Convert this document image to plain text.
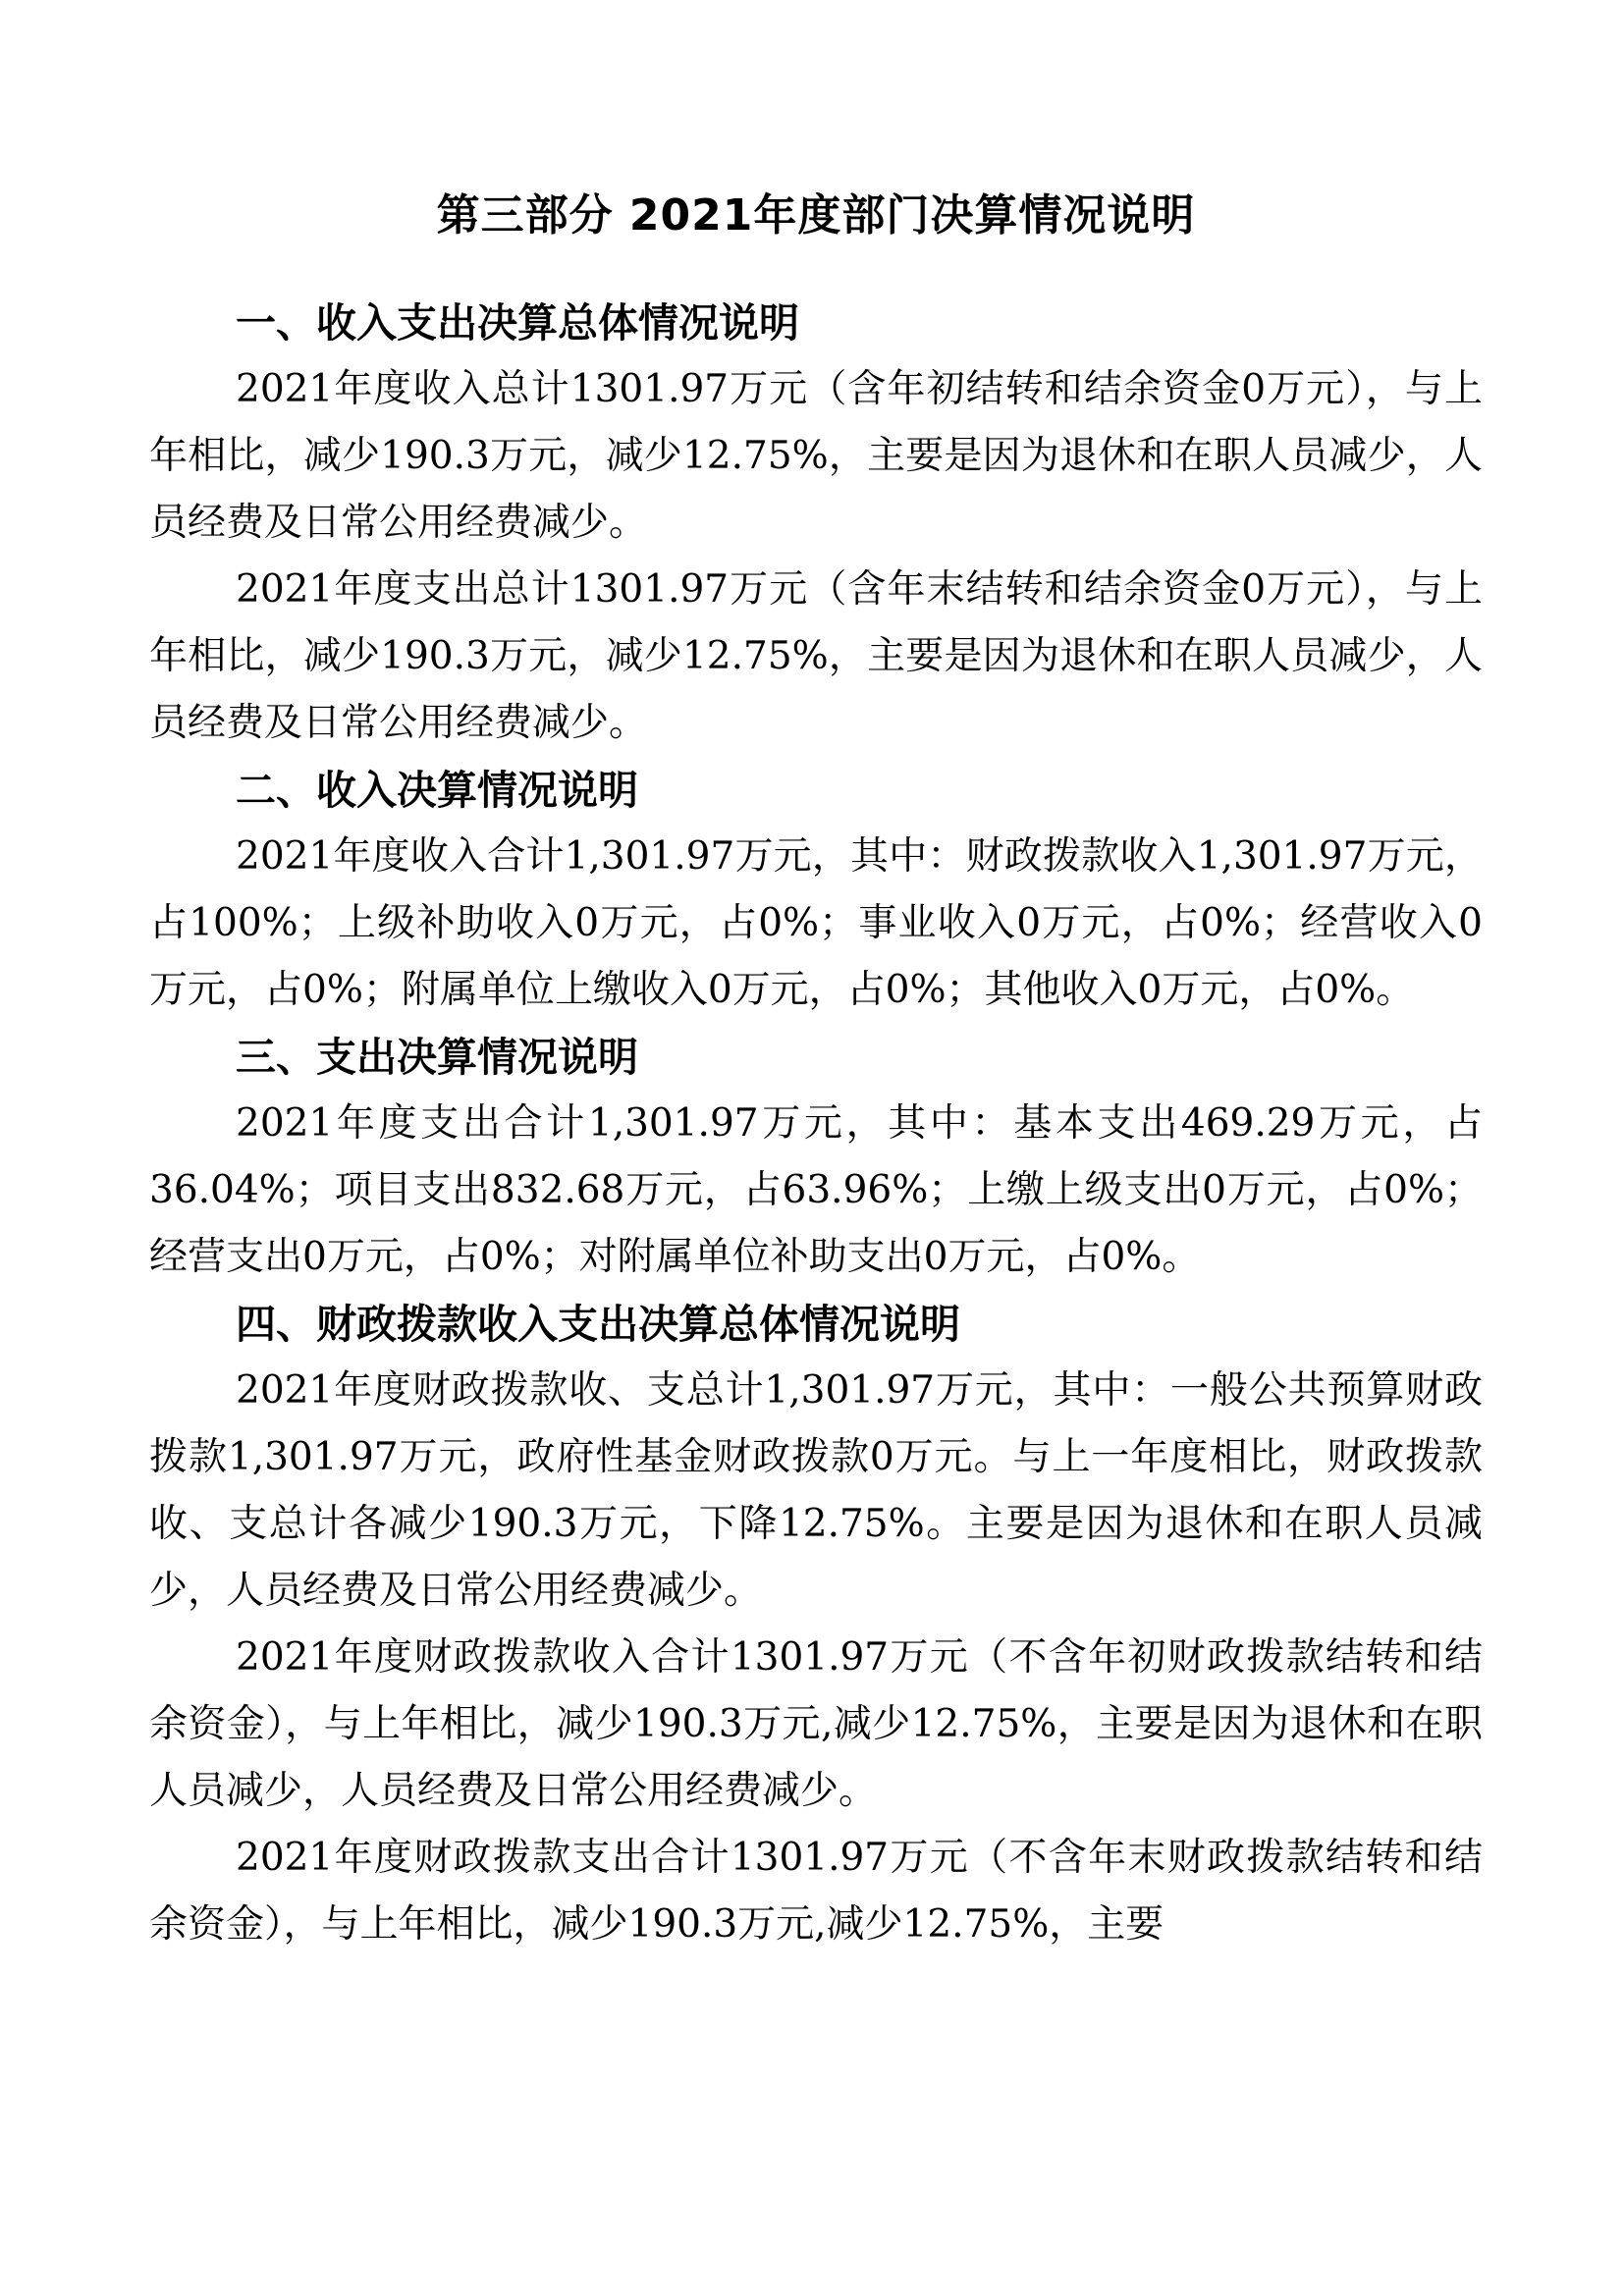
第三部分 2021年度部门决算情况说明
一、收入支出决算总体情况说明

2021年度收入总计1301.97万元（含年初结转和结余资金0万元），与上年相比，减少190.3万元，减少12.75%，主要是因为退休和在职人员减少，人员经费及日常公用经费减少。

2021年度支出总计1301.97万元（含年末结转和结余资金0万元），与上年相比，减少190.3万元，减少12.75%，主要是因为退休和在职人员减少，人员经费及日常公用经费减少。

二、收入决算情况说明

2021年度收入合计1,301.97万元，其中：财政拨款收入1,301.97万元，占100%；上级补助收入0万元，占0%；事业收入0万元，占0%；经营收入0万元，占0%；附属单位上缴收入0万元，占0%；其他收入0万元，占0%。

三、支出决算情况说明

2021年度支出合计1,301.97万元，其中：基本支出469.29万元，占36.04%；项目支出832.68万元，占63.96%；上缴上级支出0万元，占0%；经营支出0万元，占0%；对附属单位补助支出0万元，占0%。

四、财政拨款收入支出决算总体情况说明

2021年度财政拨款收、支总计1,301.97万元，其中：一般公共预算财政拨款1,301.97万元，政府性基金财政拨款0万元。与上一年度相比，财政拨款收、支总计各减少190.3万元，下降12.75%。主要是因为退休和在职人员减少，人员经费及日常公用经费减少。

2021年度财政拨款收入合计1301.97万元（不含年初财政拨款结转和结余资金），与上年相比，减少190.3万元,减少12.75%，主要是因为退休和在职人员减少，人员经费及日常公用经费减少。

2021年度财政拨款支出合计1301.97万元（不含年末财政拨款结转和结余资金），与上年相比，减少190.3万元,减少12.75%，主要
